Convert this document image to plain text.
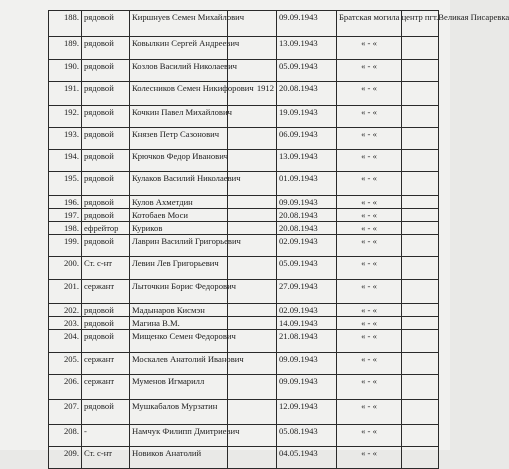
188.	рядовой	Киршнуев Семен Михайлович		09.09.1943	Братская могила центр пгт.Великая Писаревка	
189.	рядовой	Ковылкин Сергей Андреевич		13.09.1943	« - «	
190.	рядовой	Козлов Василий Николаевич		05.09.1943	« - «	
191.	рядовой	Колесников Семен Никифорович	1912	20.08.1943	« - «	
192.	рядовой	Кочкин Павел Михайлович		19.09.1943	« - «	
193.	рядовой	Князев Петр Сазонович		06.09.1943	« - «	
194.	рядовой	Крючков Федор Иванович		13.09.1943	« - «	
195.	рядовой	Кулаков Василий Николаевич		01.09.1943	« - «	
196.	рядовой	Кулов Ахметдин		09.09.1943	« - «	
197.	рядовой	Котобаев Моси		20.08.1943	« - «	
198.	ефрейтор	Куриков		20.08.1943	« - «	
199.	рядовой	Лаврин Василий Григорьевич		02.09.1943	« - «	
200.	Ст. с-нт	Левин Лев Григорьевич		05.09.1943	« - «	
201.	сержант	Лыточкин Борис Федорович		27.09.1943	« - «	
202.	рядовой	Мадынаров Кисмэн		02.09.1943	« - «	
203.	рядовой	Магина В.М.		14.09.1943	« - «	
204.	рядовой	Мищенко Семен Федорович		21.08.1943	« - «	
205.	сержант	Москалев Анатолий Иванович		09.09.1943	« - «	
206.	сержант	Муменов Игмарилл		09.09.1943	« - «	
207.	рядовой	Мушкабалов Мурзатин		12.09.1943	« - «	
208.	-	Намчук Филипп Дмитриевич		05.08.1943	« - «	
209.	Ст. с-нт	Новиков Анатолий		04.05.1943	« - «	
